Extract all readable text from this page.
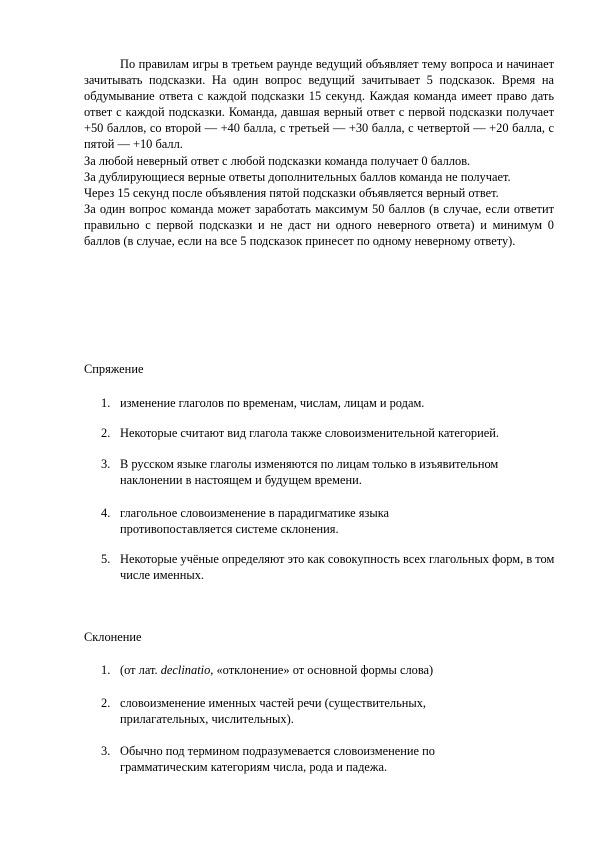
По правилам игры в третьем раунде ведущий объявляет тему вопроса и начинает зачитывать подсказки. На один вопрос ведущий зачитывает 5 подсказок. Время на обдумывание ответа с каждой подсказки 15 секунд. Каждая команда имеет право дать ответ с каждой подсказки. Команда, давшая верный ответ с первой подсказки получает +50 баллов, со второй — +40 балла, с третьей — +30 балла, с четвертой — +20 балла, с пятой — +10 балл.

За любой неверный ответ с любой подсказки команда получает 0 баллов.

За дублирующиеся верные ответы дополнительных баллов команда не получает.

Через 15 секунд после объявления пятой подсказки объявляется верный ответ.

За один вопрос команда может заработать максимум 50 баллов (в случае, если ответит правильно с первой подсказки и не даст ни одного неверного ответа) и минимум 0 баллов (в случае, если на все 5 подсказок принесет по одному неверному ответу).

Спряжение
1. изменение глаголов по временам, числам, лицам и родам.
2. Некоторые считают вид глагола также словоизменительной категорией.
3. В русском языке глаголы изменяются по лицам только в изъявительном наклонении в настоящем и будущем времени.
4. глагольное словоизменение в парадигматике языка противопоставляется системе склонения.
5. Некоторые учёные определяют это как совокупность всех глагольных форм, в том числе именных.
Склонение
1. (от лат. declinatio, «отклонение» от основной формы слова)
2. словоизменение именных частей речи (существительных, прилагательных, числительных).
3. Обычно под термином подразумевается словоизменение по грамматическим категориям числа, рода и падежа.
